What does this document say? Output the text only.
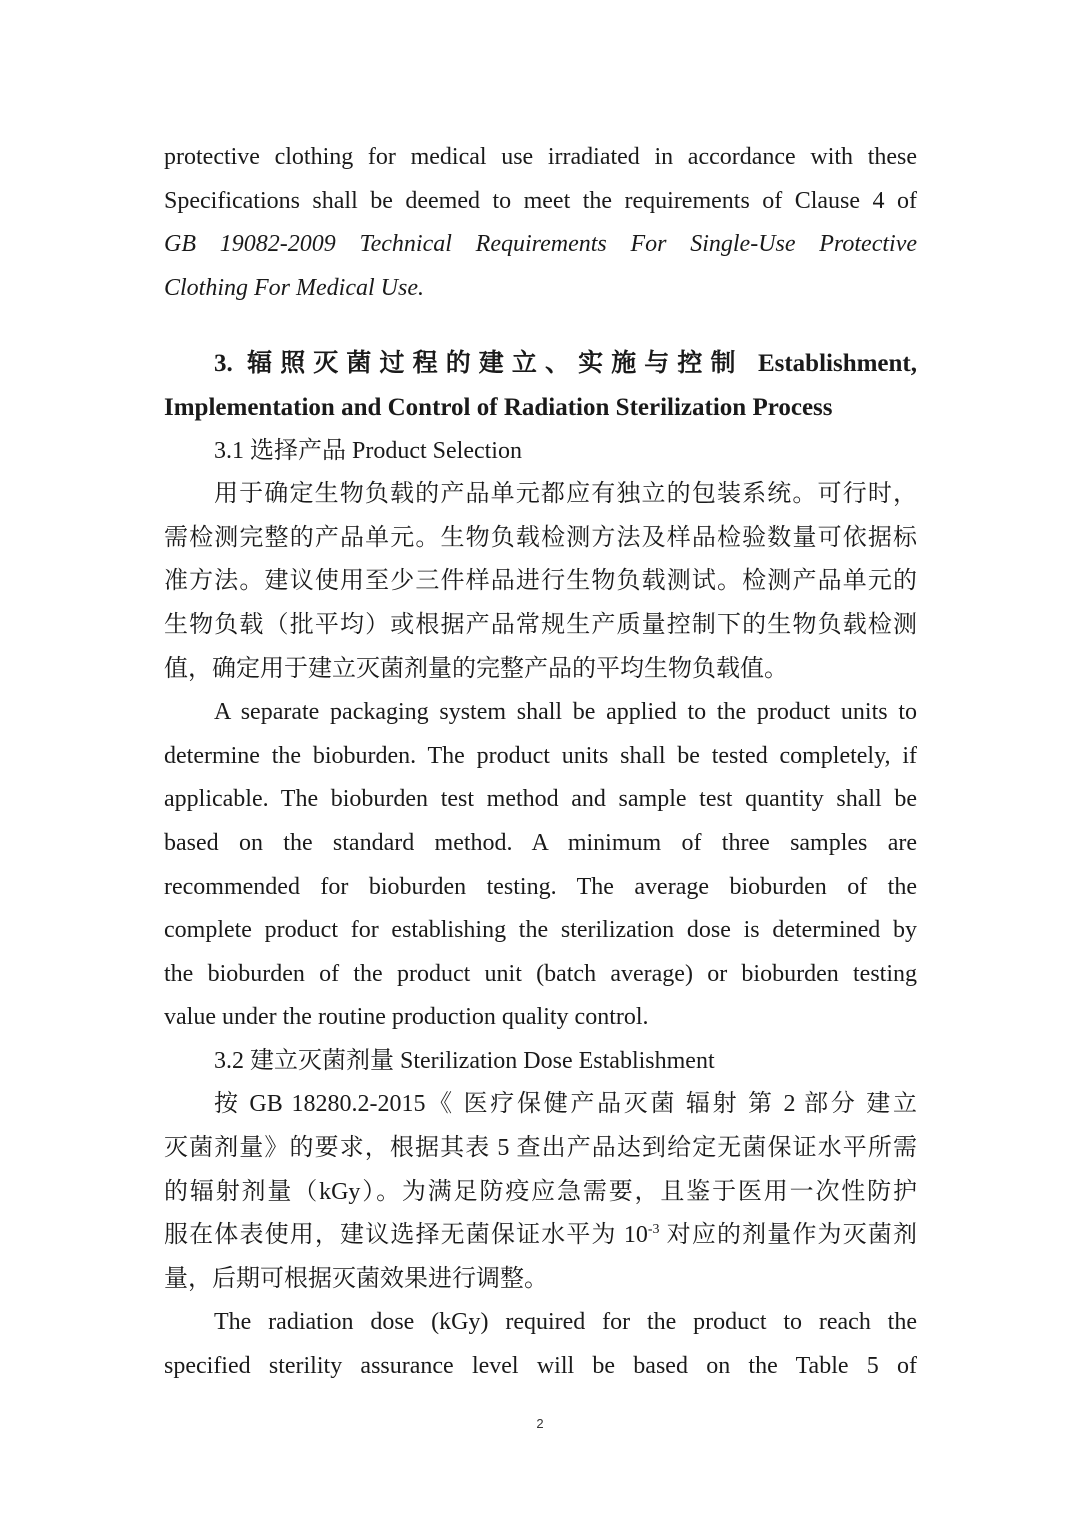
protective clothing for medical use irradiated in accordance with these
Specifications shall be deemed to meet the requirements of Clause 4 of
GB 19082-2009 Technical Requirements For Single-Use Protective
Clothing For Medical Use.
3. 辐照灭菌过程的建立、实施与控制 Establishment,
Implementation and Control of Radiation Sterilization Process
3.1 选择产品 Product Selection
用于确定生物负载的产品单元都应有独立的包装系统。可行时，
需检测完整的产品单元。生物负载检测方法及样品检验数量可依据标
准方法。建议使用至少三件样品进行生物负载测试。检测产品单元的
生物负载（批平均）或根据产品常规生产质量控制下的生物负载检测
值，确定用于建立灭菌剂量的完整产品的平均生物负载值。
A separate packaging system shall be applied to the product units to
determine the bioburden. The product units shall be tested completely, if
applicable. The bioburden test method and sample test quantity shall be
based on the standard method. A minimum of three samples are
recommended for bioburden testing. The average bioburden of the
complete product for establishing the sterilization dose is determined by
the bioburden of the product unit (batch average) or bioburden testing
value under the routine production quality control.
3.2 建立灭菌剂量 Sterilization Dose Establishment
按 GB 18280.2-2015《 医疗保健产品灭菌 辐射 第 2 部分 建立
灭菌剂量》的要求，根据其表 5 查出产品达到给定无菌保证水平所需
的辐射剂量（kGy）。为满足防疫应急需要，且鉴于医用一次性防护
服在体表使用，建议选择无菌保证水平为 $10^{-3}$ 对应的剂量作为灭菌剂
量，后期可根据灭菌效果进行调整。
The radiation dose (kGy) required for the product to reach the
specified sterility assurance level will be based on the Table 5 of
2
